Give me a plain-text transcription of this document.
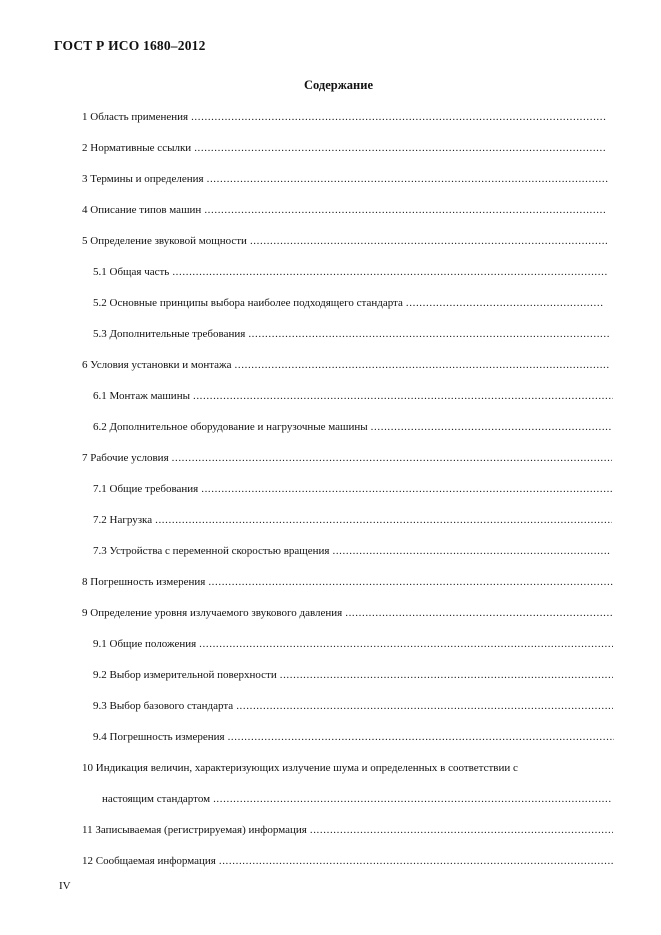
ГОСТ Р ИСО 1680–2012
Содержание
1 Область применения
.....
2 Нормативные ссылки
.....
3 Термины и определения
.....
4 Описание типов машин
.....
5 Определение звуковой мощности
.....
5.1 Общая часть
.....
5.2 Основные принципы выбора наиболее подходящего стандарта
.....
5.3 Дополнительные требования
.....
6 Условия установки и монтажа
.....
6.1 Монтаж машины
.....
6.2 Дополнительное оборудование и нагрузочные машины
.....
7 Рабочие условия
.....
7.1 Общие требования
.....
7.2 Нагрузка
.....
7.3 Устройства с переменной скоростью вращения
.....
8 Погрешность измерения
.....
9 Определение уровня излучаемого звукового давления
.....
9.1 Общие положения
.....
9.2 Выбор измерительной поверхности
.....
9.3 Выбор базового стандарта
.....
9.4 Погрешность измерения
.....
10 Индикация величин, характеризующих излучение шума и определенных в соответствии с
настоящим стандартом
.....
11 Записываемая (регистрируемая) информация
.....
12 Сообщаемая информация
.....
IV
